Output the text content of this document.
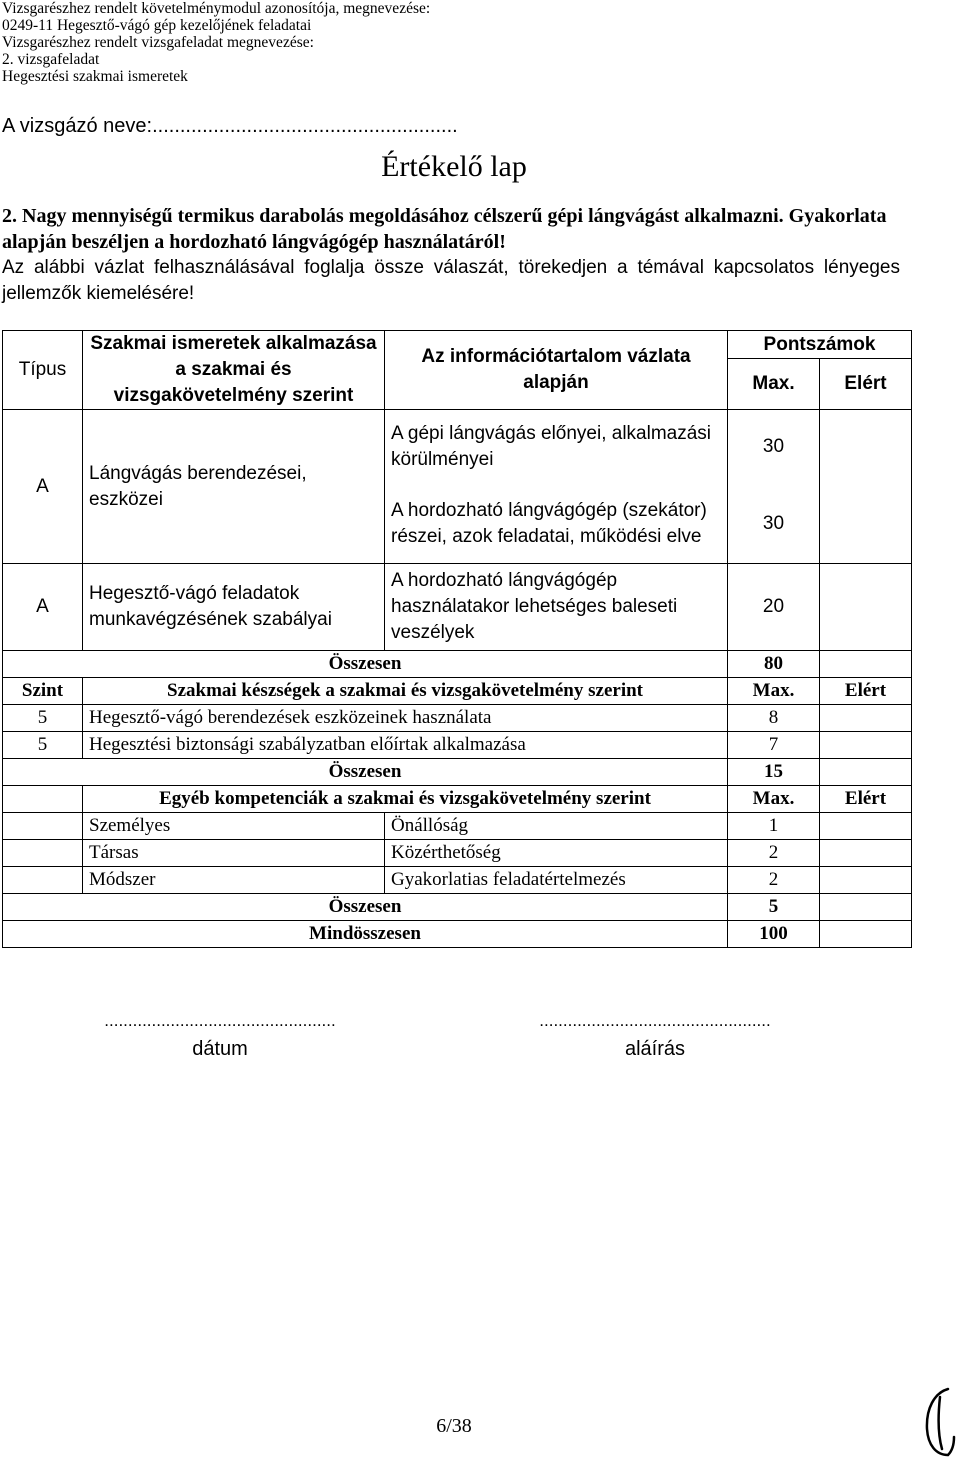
Vizsgarészhez rendelt követelménymodul azonosítója, megnevezése:

0249-11 Hegesztő-vágó gép kezelőjének feladatai

Vizsgarészhez rendelt vizsgafeladat megnevezése:

2. vizsgafeladat

Hegesztési szakmai ismeretek

A vizsgázó neve:.......................................................
Értékelő lap

2. Nagy mennyiségű termikus darabolás megoldásához célszerű gépi lángvágást alkalmazni. Gyakorlata alapján beszéljen a hordozható lángvágógép használatáról!

Az alábbi vázlat felhasználásával foglalja össze válaszát, törekedjen a témával kapcsolatos lényeges jellemzők kiemelésére!

Típus	Szakmai ismeretek alkalmazása a szakmai és vizsgakövetelmény szerint	Az információtartalom vázlata alapján	Pontszámok	
			Max.	Elért
A	Lángvágás berendezései, eszközei	A gépi lángvágás előnyei, alkalmazási körülményei	30	
		A hordozható lángvágógép (szekátor) részei, azok feladatai, működési elve	30	
A	Hegesztő-vágó feladatok munkavégzésének szabályai	A hordozható lángvágógép használatakor lehetséges baleseti veszélyek	20	
Összesen			80	
Szint	Szakmai készségek a szakmai és vizsgakövetelmény szerint		Max.	Elért
5	Hegesztő-vágó berendezések eszközeinek használata		8	
5	Hegesztési biztonsági szabályzatban előírtak alkalmazása		7	
Összesen			15	
	Egyéb kompetenciák a szakmai és vizsgakövetelmény szerint		Max.	Elért
	Személyes	Önállóság	1	
	Társas	Közérthetőség	2	
	Módszer	Gyakorlatias feladatértelmezés	2	
Összesen			5	
Mindösszesen			100	
.................................................
dátum
.................................................
aláírás
6/38
